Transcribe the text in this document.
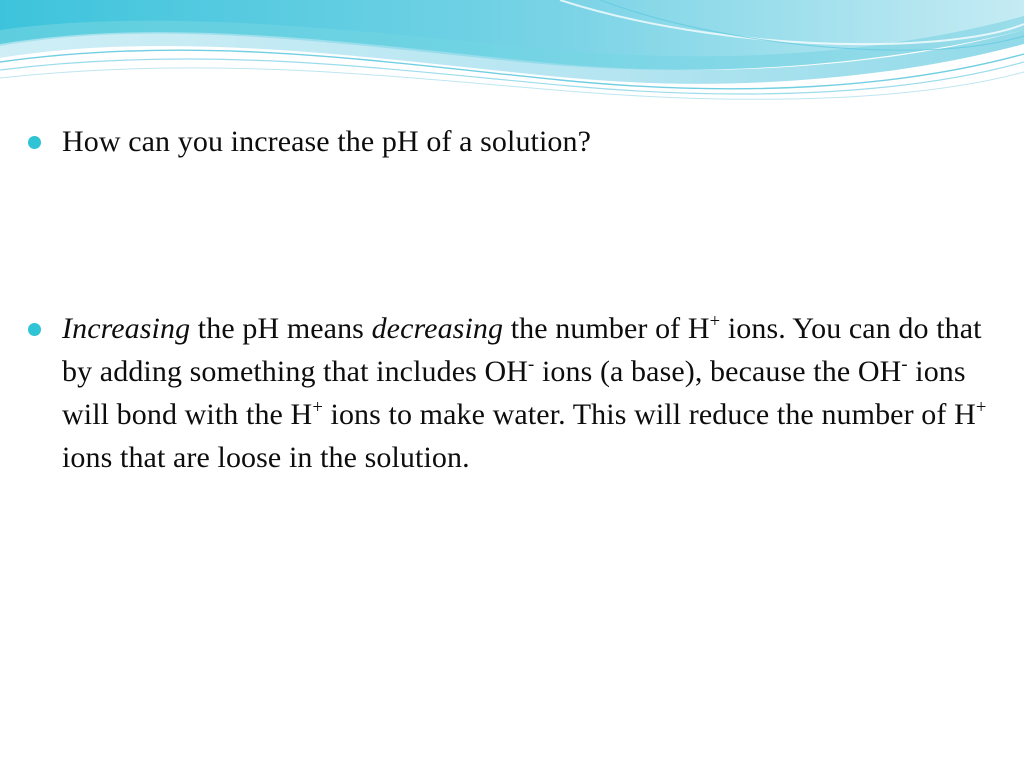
How can you increase the pH of a solution?
Increasing the pH means decreasing the number of H+ ions. You can do that by adding something that includes OH- ions (a base), because the OH- ions will bond with the H+ ions to make water. This will reduce the number of H+ ions that are loose in the solution.
